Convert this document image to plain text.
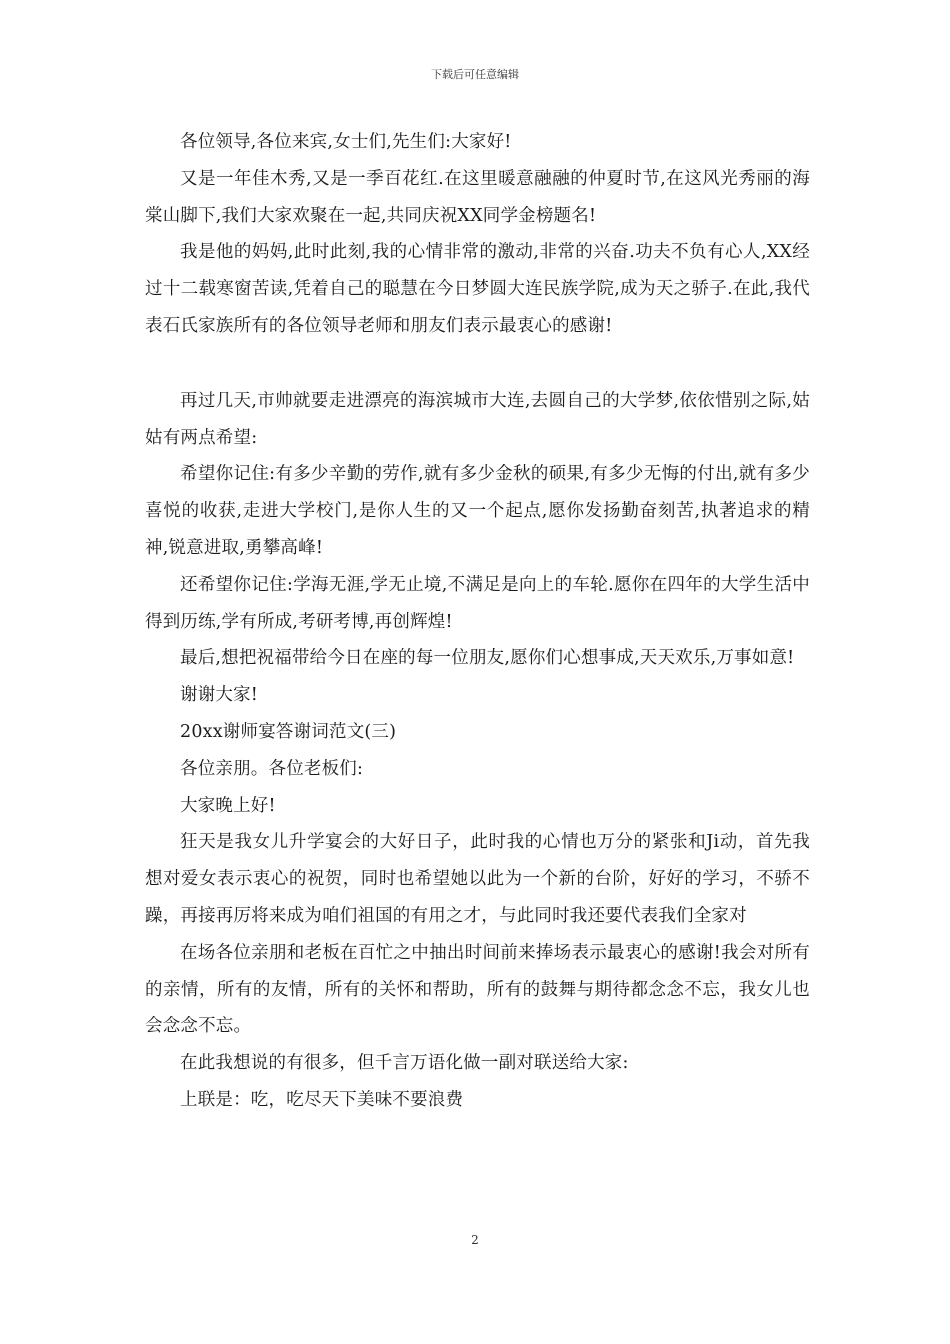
下载后可任意编辑

各位领导,各位来宾,女士们,先生们:大家好!

又是一年佳木秀,又是一季百花红.在这里暖意融融的仲夏时节,在这风光秀丽的海棠山脚下,我们大家欢聚在一起,共同庆祝XX同学金榜题名!

我是他的妈妈,此时此刻,我的心情非常的激动,非常的兴奋.功夫不负有心人,XX经过十二载寒窗苦读,凭着自己的聪慧在今日梦圆大连民族学院,成为天之骄子.在此,我代表石氏家族所有的各位领导老师和朋友们表示最衷心的感谢!

再过几天,市帅就要走进漂亮的海滨城市大连,去圆自己的大学梦,依依惜别之际,姑姑有两点希望:

希望你记住:有多少辛勤的劳作,就有多少金秋的硕果,有多少无悔的付出,就有多少喜悦的收获,走进大学校门,是你人生的又一个起点,愿你发扬勤奋刻苦,执著追求的精神,锐意进取,勇攀高峰!

还希望你记住:学海无涯,学无止境,不满足是向上的车轮.愿你在四年的大学生活中得到历练,学有所成,考研考博,再创辉煌!

最后,想把祝福带给今日在座的每一位朋友,愿你们心想事成,天天欢乐,万事如意!

谢谢大家!

20xx谢师宴答谢词范文(三)

各位亲朋。各位老板们:

大家晚上好!

狂天是我女儿升学宴会的大好日子，此时我的心情也万分的紧张和Ji动，首先我想对爱女表示衷心的祝贺，同时也希望她以此为一个新的台阶，好好的学习，不骄不躁，再接再厉将来成为咱们祖国的有用之才，与此同时我还要代表我们全家对

在场各位亲朋和老板在百忙之中抽出时间前来捧场表示最衷心的感谢!我会对所有的亲情，所有的友情，所有的关怀和帮助，所有的鼓舞与期待都念念不忘，我女儿也会念念不忘。

在此我想说的有很多，但千言万语化做一副对联送给大家:

上联是：吃，吃尽天下美味不要浪费

2
